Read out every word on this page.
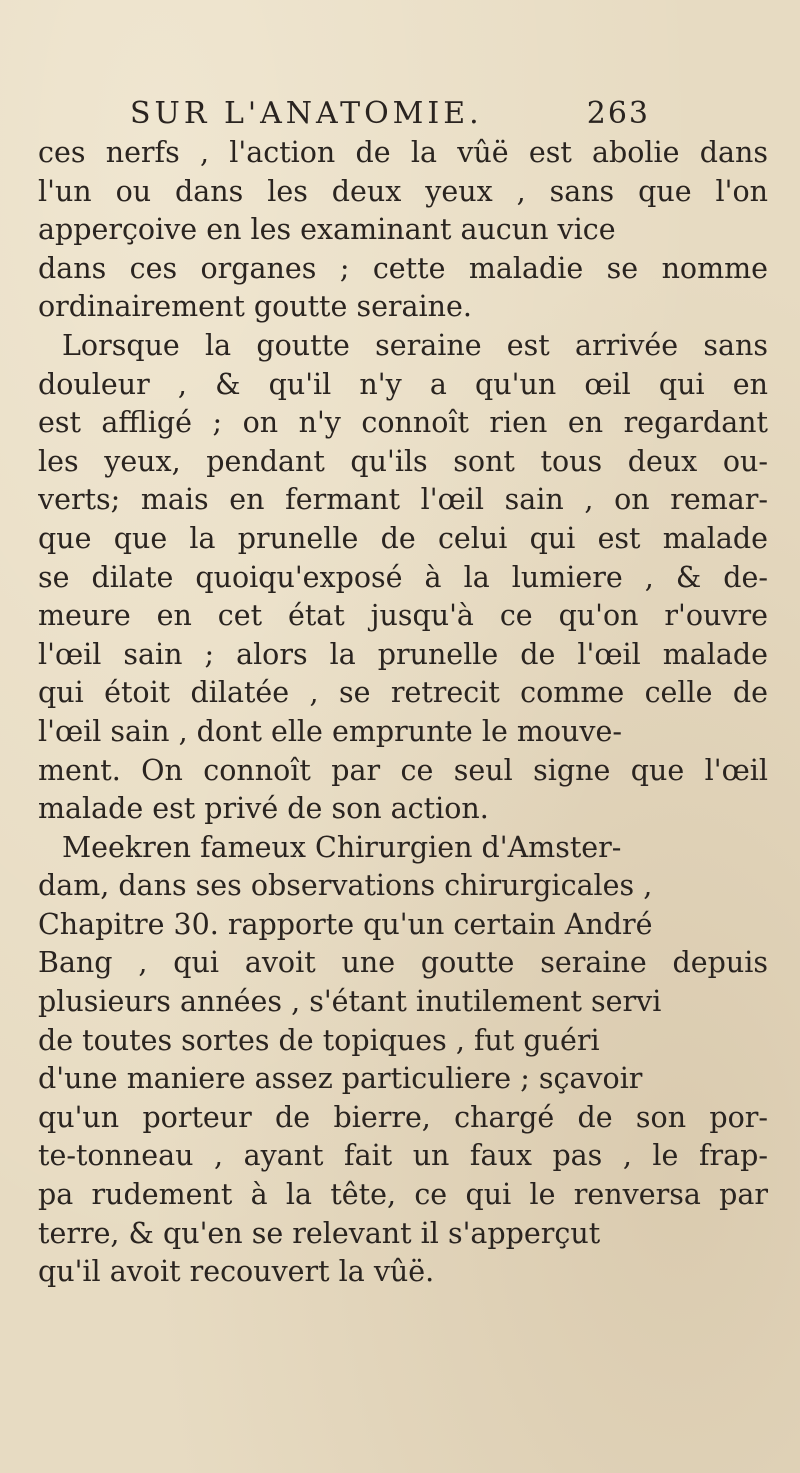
SUR L'ANATOMIE.	263
ces nerfs , l'action de la vûë est abolie dans
l'un ou dans les deux yeux , sans que l'on
apperçoive en les examinant aucun vice
dans ces organes ; cette maladie se nomme
ordinairement goutte seraine.
Lorsque la goutte seraine est arrivée sans
douleur , & qu'il n'y a qu'un œil qui en
est affligé ; on n'y connoît rien en regardant
les yeux, pendant qu'ils sont tous deux ou-
verts; mais en fermant l'œil sain , on remar-
que que la prunelle de celui qui est malade
se dilate quoiqu'exposé à la lumiere , & de-
meure en cet état jusqu'à ce qu'on r'ouvre
l'œil sain ; alors la prunelle de l'œil malade
qui étoit dilatée , se retrecit comme celle de
l'œil sain , dont elle emprunte le mouve-
ment. On connoît par ce seul signe que l'œil
malade est privé de son action.
Meekren fameux Chirurgien d'Amster-
dam, dans ses observations chirurgicales ,
Chapitre 30. rapporte qu'un certain André
Bang , qui avoit une goutte seraine depuis
plusieurs années , s'étant inutilement servi
de toutes sortes de topiques , fut guéri
d'une maniere assez particuliere ; sçavoir
qu'un porteur de bierre, chargé de son por-
te-tonneau , ayant fait un faux pas , le frap-
pa rudement à la tête, ce qui le renversa par
terre, & qu'en se relevant il s'apperçut
qu'il avoit recouvert la vûë.
